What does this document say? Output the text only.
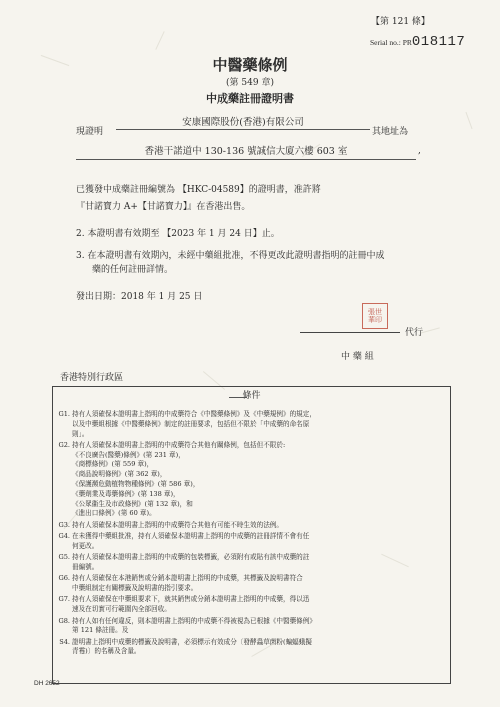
【第 121 條】
Serial no.: PR018117
中醫藥條例
(第 549 章)
中成藥註冊證明書
現證明
安康國際股份(香港)有限公司
其地址為
香港干諾道中 130-136 號誠信大廈六樓 603 室	,
已獲發中成藥註冊編號為 【HKC-04589】的證明書，准許將
『甘諾寶力 A+【甘諾寶力】』在香港出售。
2. 本證明書有效期至 【2023 年 1 月 24 日】止。
3. 在本證明書有效期內，未經中藥組批准，不得更改此證明書指明的註冊中成
藥的任何註冊詳情。
發出日期：2018 年 1 月 25 日
張世華印
代行
中 藥 組
香港特別行政區
條件
G1. 持有人須確保本證明書上指明的中成藥符合《中醫藥條例》及《中藥規例》的規定，
以及中藥組根據《中醫藥條例》制定的註冊要求，包括但不限於「中成藥的命名原
則」。
G2. 持有人須確保本證明書上指明的中成藥符合其他有關條例，包括但不限於:
《不良廣告(醫藥)條例》(第 231 章)，
《商標條例》(第 559 章)，
《商品說明條例》(第 362 章)，
《保護瀕危動植物物種條例》(第 586 章)，
《藥劑業及毒藥條例》(第 138 章)，
《公眾衞生及市政條例》(第 132 章)，和
《進出口條例》(第 60 章)。
G3. 持有人須確保本證明書上指明的中成藥符合其他有可能不時生效的法例。
G4. 在未獲得中藥組批准，持有人須確保本證明書上指明的中成藥的註冊詳情不會有任
何更改。
G5. 持有人須確保本證明書上指明的中成藥的包裝標籤，必須附有或貼有該中成藥的註
冊編號。
G6. 持有人須確保在本港銷售或分銷本證明書上指明的中成藥，其標籤及說明書符合
中藥組制定有關標籤及說明書的指引要求。
G7. 持有人須確保在中藥組要求下，就其銷售或分銷本證明書上指明的中成藥，得以迅
速及在切實可行範圍內全部回收。
G8. 持有人如有任何違反，則本證明書上指明的中成藥不得被視為已根據《中醫藥條例》
第 121 條註冊。及
S4. 證明書上指明中成藥的標籤及說明書，必須標示有效成分〔發酵蟲草菌粉(蝙蝠蛾擬
青霉)〕的名稱及含量。
DH 2652
